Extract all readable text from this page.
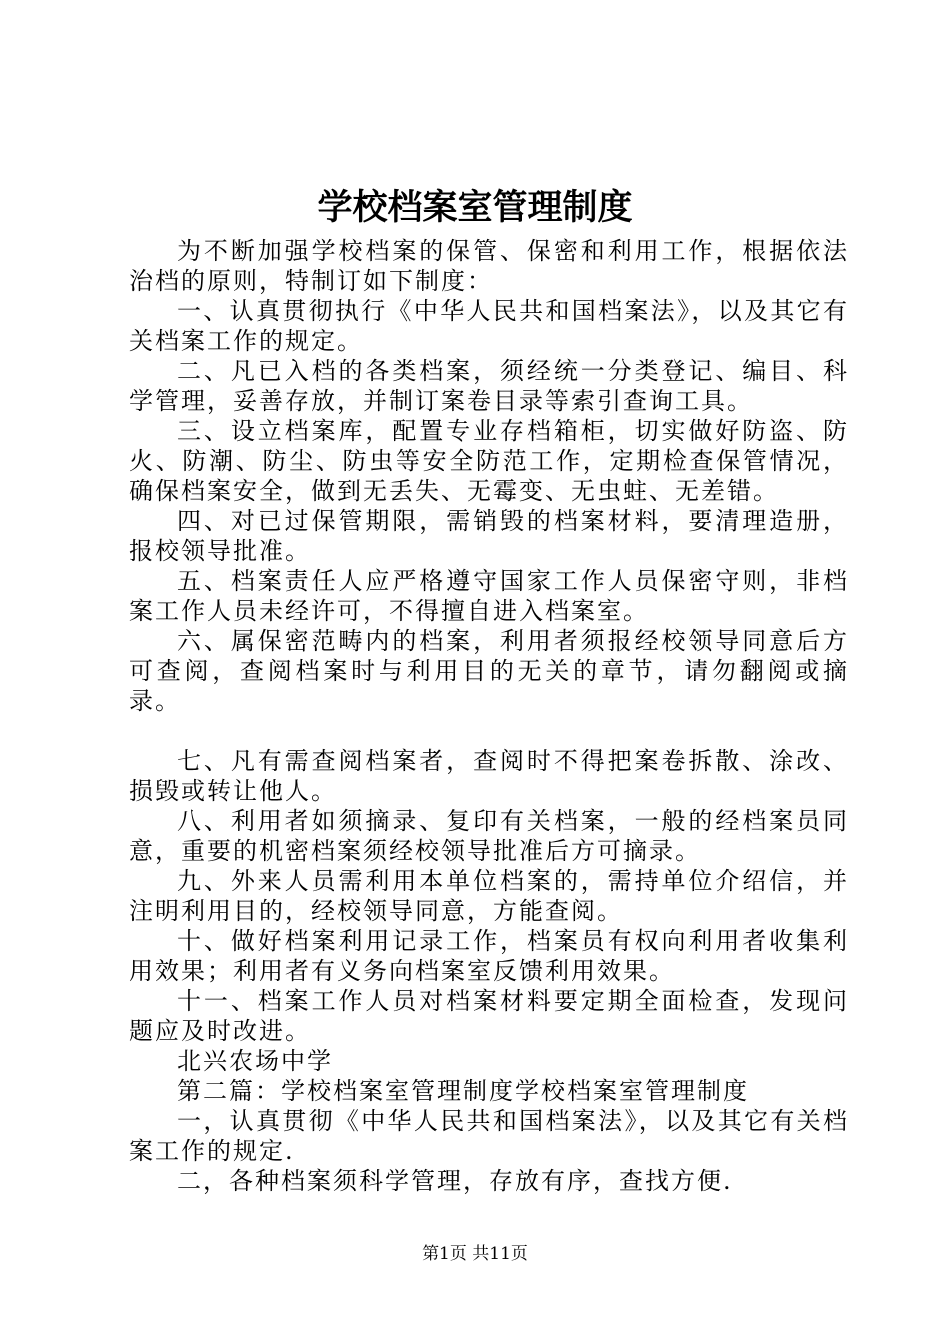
学校档案室管理制度

为不断加强学校档案的保管、保密和利用工作，根据依法治档的原则，特制订如下制度：

一、认真贯彻执行《中华人民共和国档案法》，以及其它有关档案工作的规定。

二、凡已入档的各类档案，须经统一分类登记、编目、科学管理，妥善存放，并制订案卷目录等索引查询工具。

三、设立档案库，配置专业存档箱柜，切实做好防盗、防火、防潮、防尘、防虫等安全防范工作，定期检查保管情况，确保档案安全，做到无丢失、无霉变、无虫蛀、无差错。

四、对已过保管期限，需销毁的档案材料，要清理造册，报校领导批准。

五、档案责任人应严格遵守国家工作人员保密守则，非档案工作人员未经许可，不得擅自进入档案室。

六、属保密范畴内的档案，利用者须报经校领导同意后方可查阅，查阅档案时与利用目的无关的章节，请勿翻阅或摘录。

七、凡有需查阅档案者，查阅时不得把案卷拆散、涂改、损毁或转让他人。

八、利用者如须摘录、复印有关档案，一般的经档案员同意，重要的机密档案须经校领导批准后方可摘录。

九、外来人员需利用本单位档案的，需持单位介绍信，并注明利用目的，经校领导同意，方能查阅。

十、做好档案利用记录工作，档案员有权向利用者收集利用效果；利用者有义务向档案室反馈利用效果。

十一、档案工作人员对档案材料要定期全面检查，发现问题应及时改进。

北兴农场中学

第二篇：学校档案室管理制度学校档案室管理制度

一，认真贯彻《中华人民共和国档案法》，以及其它有关档案工作的规定.

二，各种档案须科学管理，存放有序，查找方便.

第1页 共11页
